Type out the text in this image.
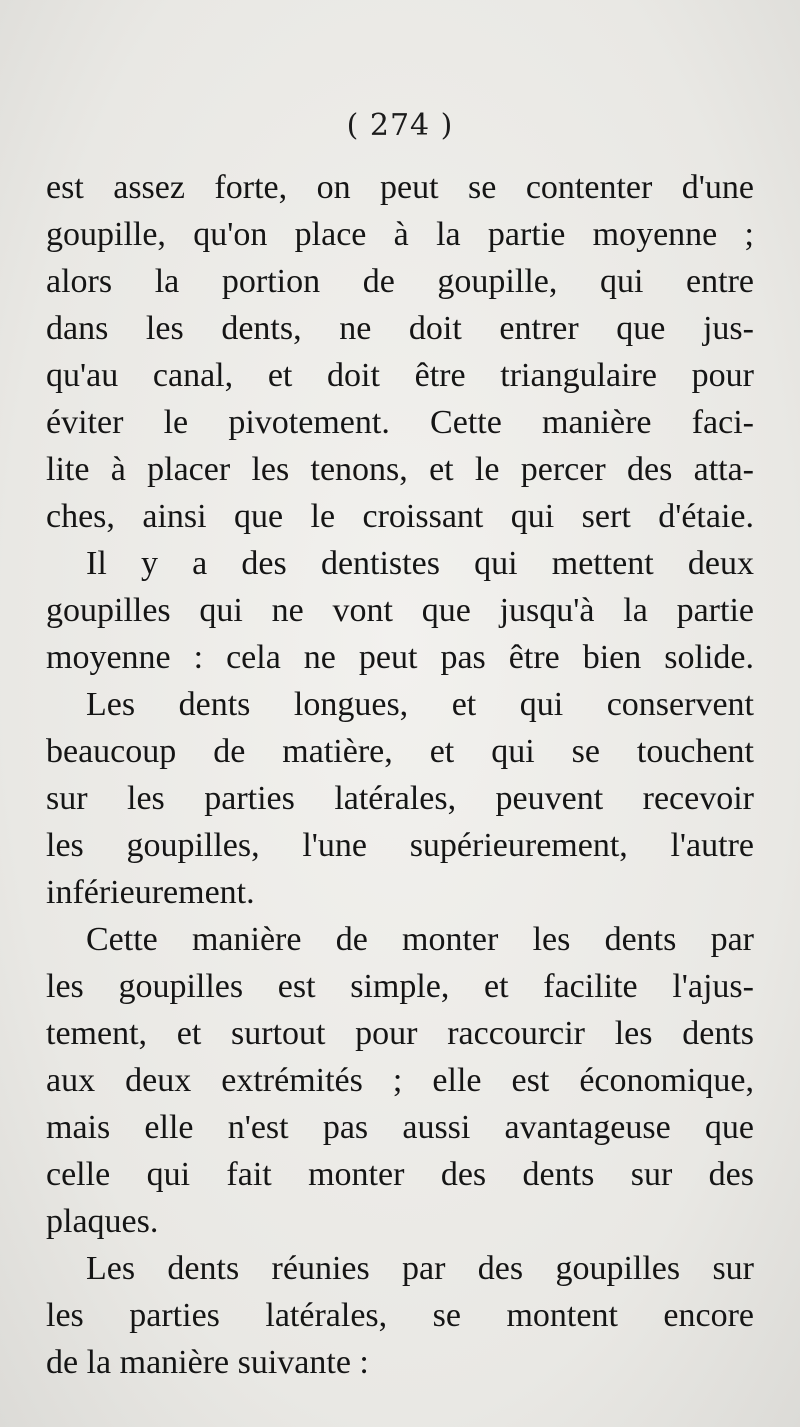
( 274 )
est assez forte, on peut se contenter d'une
goupille, qu'on place à la partie moyenne ;
alors la portion de goupille, qui entre
dans les dents, ne doit entrer que jus-
qu'au canal, et doit être triangulaire pour
éviter le pivotement. Cette manière faci-
lite à placer les tenons, et le percer des atta-
ches, ainsi que le croissant qui sert d'étaie.
Il y a des dentistes qui mettent deux
goupilles qui ne vont que jusqu'à la partie
moyenne : cela ne peut pas être bien solide.
Les dents longues, et qui conservent
beaucoup de matière, et qui se touchent
sur les parties latérales, peuvent recevoir
les goupilles, l'une supérieurement, l'autre
inférieurement.
Cette manière de monter les dents par
les goupilles est simple, et facilite l'ajus-
tement, et surtout pour raccourcir les dents
aux deux extrémités ; elle est économique,
mais elle n'est pas aussi avantageuse que
celle qui fait monter des dents sur des
plaques.
Les dents réunies par des goupilles sur
les parties latérales, se montent encore
de la manière suivante :
